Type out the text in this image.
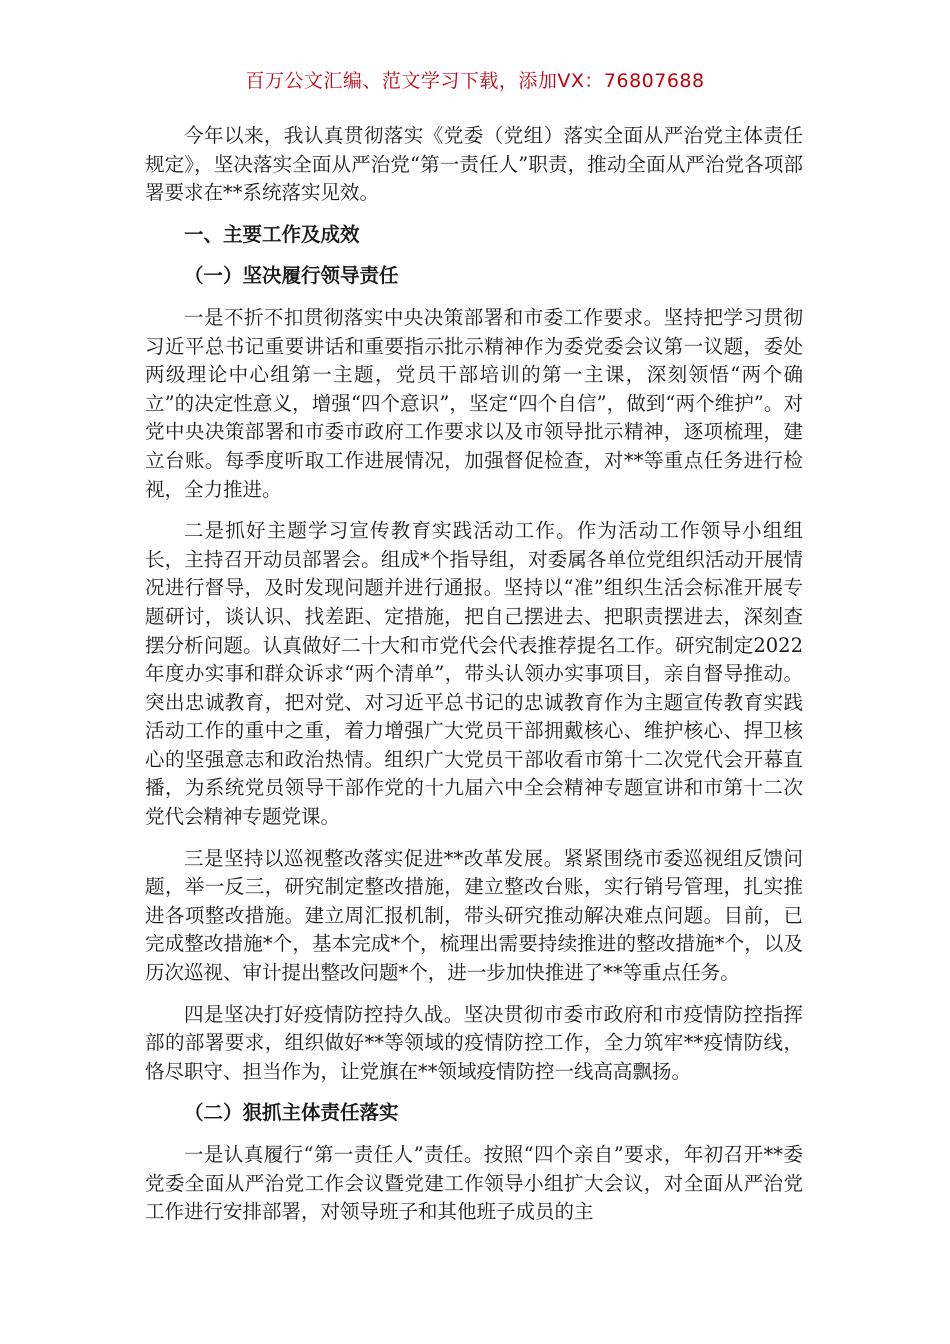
百万公文汇编、范文学习下载，添加VX：76807688

今年以来，我认真贯彻落实《党委（党组）落实全面从严治党主体责任规定》，坚决落实全面从严治党“第一责任人”职责，推动全面从严治党各项部署要求在**系统落实见效。

一、主要工作及成效

（一）坚决履行领导责任

一是不折不扣贯彻落实中央决策部署和市委工作要求。坚持把学习贯彻习近平总书记重要讲话和重要指示批示精神作为委党委会议第一议题，委处两级理论中心组第一主题，党员干部培训的第一主课，深刻领悟“两个确立”的决定性意义，增强“四个意识”，坚定“四个自信”，做到“两个维护”。对党中央决策部署和市委市政府工作要求以及市领导批示精神，逐项梳理，建立台账。每季度听取工作进展情况，加强督促检查，对**等重点任务进行检视，全力推进。

二是抓好主题学习宣传教育实践活动工作。作为活动工作领导小组组长，主持召开动员部署会。组成*个指导组，对委属各单位党组织活动开展情况进行督导，及时发现问题并进行通报。坚持以“准”组织生活会标准开展专题研讨，谈认识、找差距、定措施，把自己摆进去、把职责摆进去，深刻查摆分析问题。认真做好二十大和市党代会代表推荐提名工作。研究制定2022年度办实事和群众诉求“两个清单”，带头认领办实事项目，亲自督导推动。突出忠诚教育，把对党、对习近平总书记的忠诚教育作为主题宣传教育实践活动工作的重中之重，着力增强广大党员干部拥戴核心、维护核心、捍卫核心的坚强意志和政治热情。组织广大党员干部收看市第十二次党代会开幕直播，为系统党员领导干部作党的十九届六中全会精神专题宣讲和市第十二次党代会精神专题党课。

三是坚持以巡视整改落实促进**改革发展。紧紧围绕市委巡视组反馈问题，举一反三，研究制定整改措施，建立整改台账，实行销号管理，扎实推进各项整改措施。建立周汇报机制，带头研究推动解决难点问题。目前，已完成整改措施*个，基本完成*个，梳理出需要持续推进的整改措施*个，以及历次巡视、审计提出整改问题*个，进一步加快推进了**等重点任务。

四是坚决打好疫情防控持久战。坚决贯彻市委市政府和市疫情防控指挥部的部署要求，组织做好**等领域的疫情防控工作，全力筑牢**疫情防线，恪尽职守、担当作为，让党旗在**领域疫情防控一线高高飘扬。

（二）狠抓主体责任落实

一是认真履行“第一责任人”责任。按照“四个亲自”要求，年初召开**委党委全面从严治党工作会议暨党建工作领导小组扩大会议，对全面从严治党工作进行安排部署，对领导班子和其他班子成员的主
